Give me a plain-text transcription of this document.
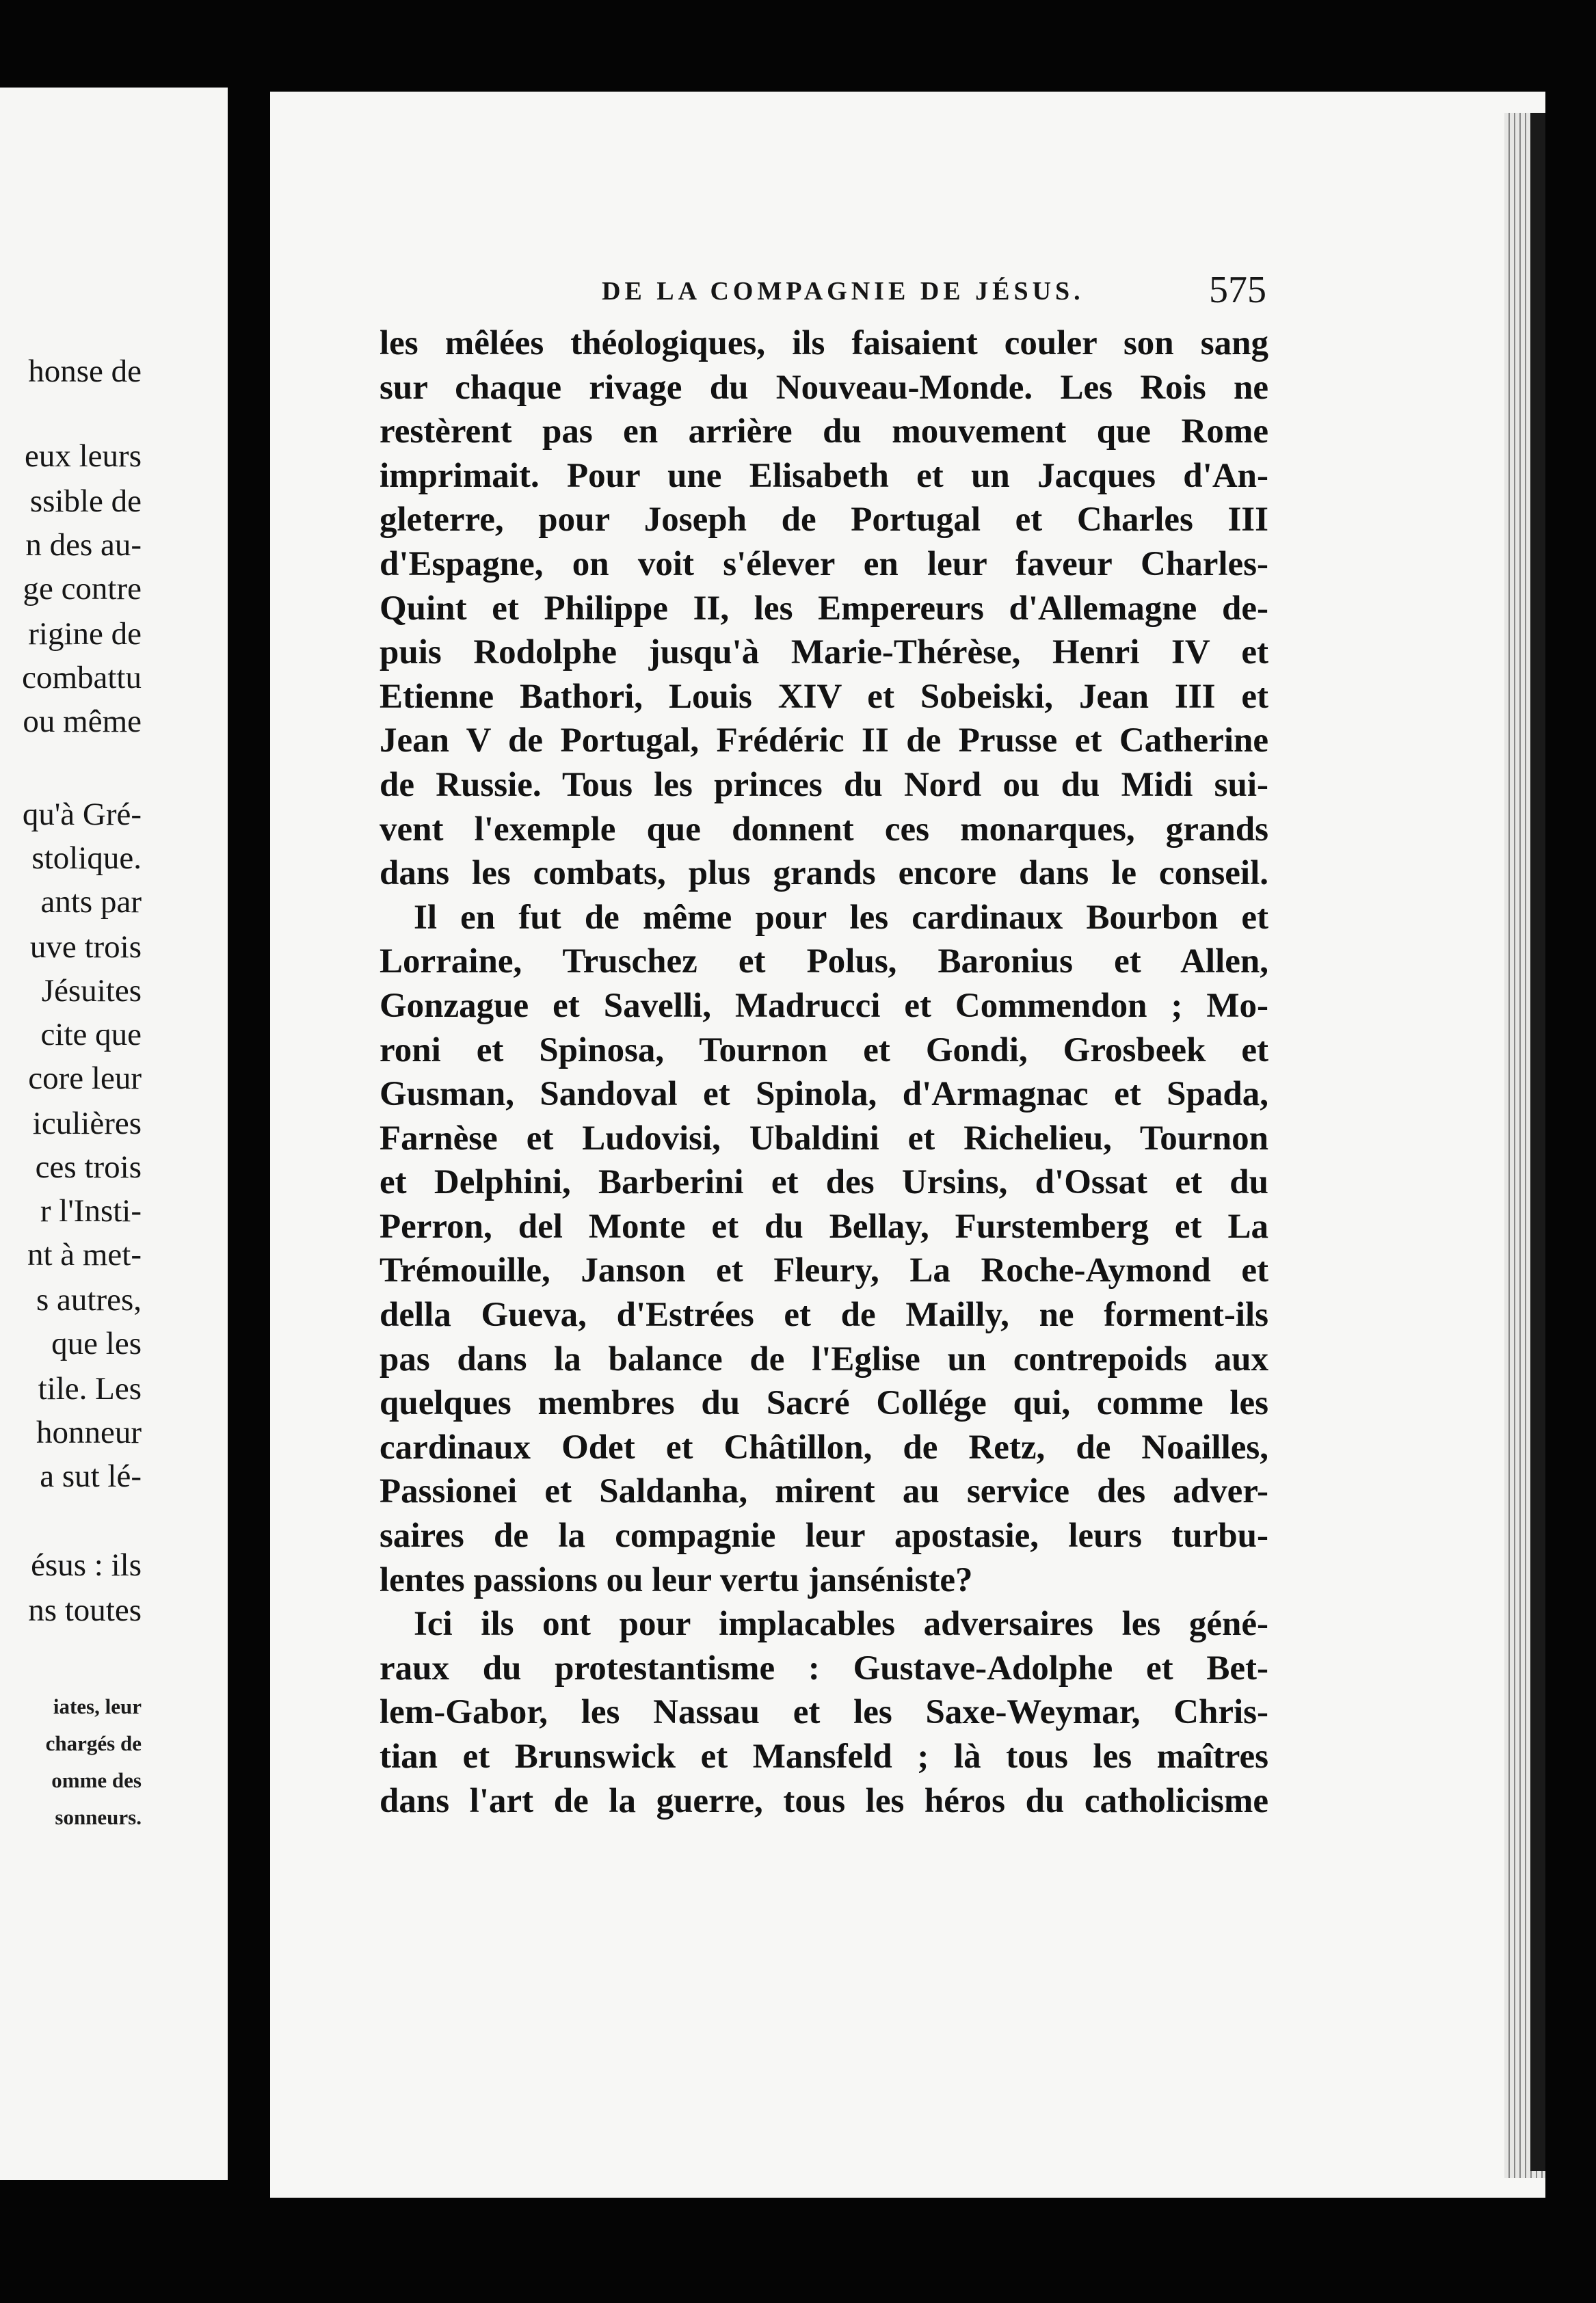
honse de
eux leurs
ssible de
n des au-
ge contre
rigine de
combattu
ou même
qu'à Gré-
stolique.
ants par
uve trois
Jésuites
cite que
core leur
iculières
ces trois
r l'Insti-
nt à met-
s autres,
que les
tile. Les
honneur
a sut lé-
ésus : ils
ns toutes
iates, leur
chargés de
omme des
sonneurs.
DE LA COMPAGNIE DE JÉSUS.	575
les mêlées théologiques, ils faisaient couler son sang
sur chaque rivage du Nouveau-Monde. Les Rois ne
restèrent pas en arrière du mouvement que Rome
imprimait. Pour une Elisabeth et un Jacques d'An-
gleterre, pour Joseph de Portugal et Charles III
d'Espagne, on voit s'élever en leur faveur Charles-
Quint et Philippe II, les Empereurs d'Allemagne de-
puis Rodolphe jusqu'à Marie-Thérèse, Henri IV et
Etienne Bathori, Louis XIV et Sobeiski, Jean III et
Jean V de Portugal, Frédéric II de Prusse et Catherine
de Russie. Tous les princes du Nord ou du Midi sui-
vent l'exemple que donnent ces monarques, grands
dans les combats, plus grands encore dans le conseil.
Il en fut de même pour les cardinaux Bourbon et
Lorraine, Truschez et Polus, Baronius et Allen,
Gonzague et Savelli, Madrucci et Commendon ; Mo-
roni et Spinosa, Tournon et Gondi, Grosbeek et
Gusman, Sandoval et Spinola, d'Armagnac et Spada,
Farnèse et Ludovisi, Ubaldini et Richelieu, Tournon
et Delphini, Barberini et des Ursins, d'Ossat et du
Perron, del Monte et du Bellay, Furstemberg et La
Trémouille, Janson et Fleury, La Roche-Aymond et
della Gueva, d'Estrées et de Mailly, ne forment-ils
pas dans la balance de l'Eglise un contrepoids aux
quelques membres du Sacré Collége qui, comme les
cardinaux Odet et Châtillon, de Retz, de Noailles,
Passionei et Saldanha, mirent au service des adver-
saires de la compagnie leur apostasie, leurs turbu-
lentes passions ou leur vertu janséniste?
Ici ils ont pour implacables adversaires les géné-
raux du protestantisme : Gustave-Adolphe et Bet-
lem-Gabor, les Nassau et les Saxe-Weymar, Chris-
tian et Brunswick et Mansfeld ; là tous les maîtres
dans l'art de la guerre, tous les héros du catholicisme
